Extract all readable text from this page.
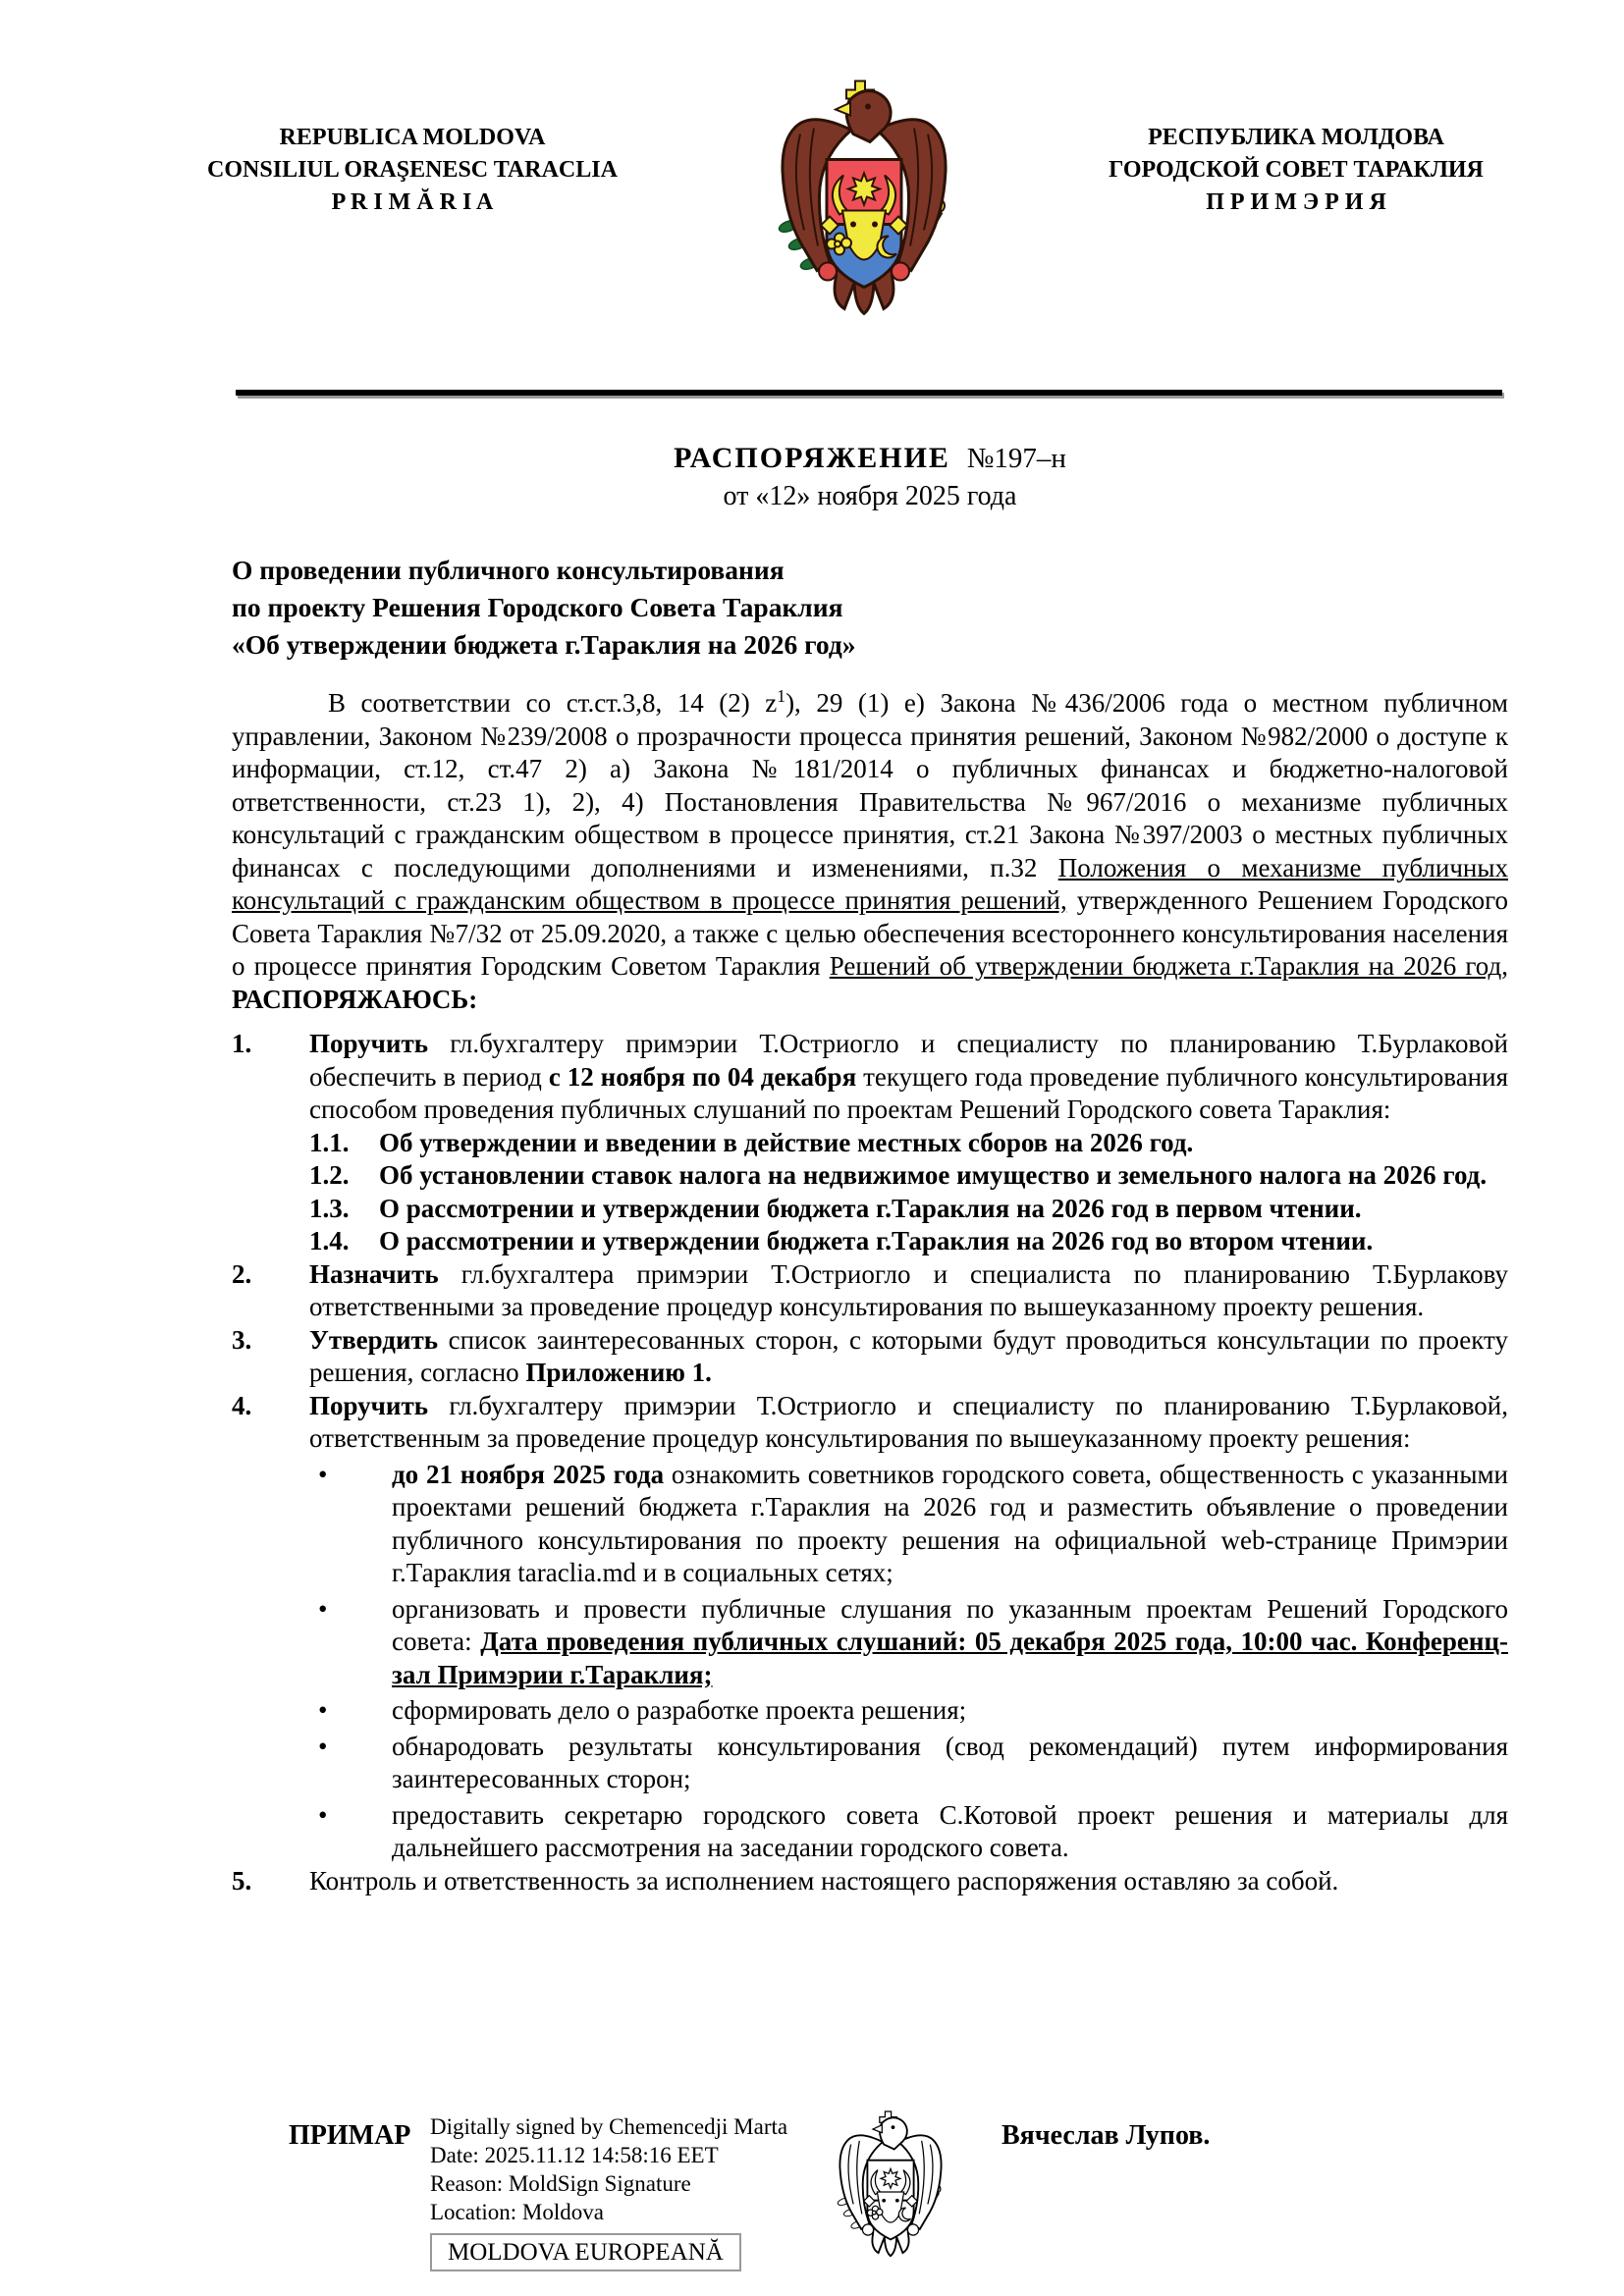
REPUBLICA MOLDOVA
CONSILIUL ORAŞENESC TARACLIA
P R I M Ă R I A
РЕСПУБЛИКА МОЛДОВА
ГОРОДСКОЙ СОВЕТ ТАРАКЛИЯ
П Р И М Э Р И Я
РАСПОРЯЖЕНИЕ №197–н
от «12» ноября 2025 года
О проведении публичного консультирования
по проекту Решения Городского Совета Тараклия
«Об утверждении бюджета г.Тараклия на 2026 год»
В соответствии со ст.ст.3,8, 14 (2) $z^1$), 29 (1) е) Закона №436/2006 года о местном публичном управлении, Законом №239/2008 о прозрачности процесса принятия решений, Законом №982/2000 о доступе к информации, ст.12, ст.47 2) а) Закона №181/2014 о публичных финансах и бюджетно-налоговой ответственности, ст.23 1), 2), 4) Постановления Правительства №967/2016 о механизме публичных консультаций с гражданским обществом в процессе принятия, ст.21 Закона №397/2003 о местных публичных финансах с последующими дополнениями и изменениями, п.32 Положения о механизме публичных консультаций с гражданским обществом в процессе принятия решений, утвержденного Решением Городского Совета Тараклия №7/32 от 25.09.2020, а также с целью обеспечения всестороннего консультирования населения о процессе принятия Городским Советом Тараклия Решений об утверждении бюджета г.Тараклия на 2026 год, РАСПОРЯЖАЮСЬ:
1. Поручить гл.бухгалтеру примэрии Т.Остриогло и специалисту по планированию Т.Бурлаковой обеспечить в период с 12 ноября по 04 декабря текущего года проведение публичного консультирования способом проведения публичных слушаний по проектам Решений Городского совета Тараклия:
1.1. Об утверждении и введении в действие местных сборов на 2026 год.
1.2. Об установлении ставок налога на недвижимое имущество и земельного налога на 2026 год.
1.3. О рассмотрении и утверждении бюджета г.Тараклия на 2026 год в первом чтении.
1.4. О рассмотрении и утверждении бюджета г.Тараклия на 2026 год во втором чтении.
2. Назначить гл.бухгалтера примэрии Т.Остриогло и специалиста по планированию Т.Бурлакову ответственными за проведение процедур консультирования по вышеуказанному проекту решения.
3. Утвердить список заинтересованных сторон, с которыми будут проводиться консультации по проекту решения, согласно Приложению 1.
4. Поручить гл.бухгалтеру примэрии Т.Остриогло и специалисту по планированию Т.Бурлаковой, ответственным за проведение процедур консультирования по вышеуказанному проекту решения:
• до 21 ноября 2025 года ознакомить советников городского совета, общественность с указанными проектами решений бюджета г.Тараклия на 2026 год и разместить объявление о проведении публичного консультирования по проекту решения на официальной web-странице Примэрии г.Тараклия taraclia.md и в социальных сетях;
• организовать и провести публичные слушания по указанным проектам Решений Городского совета: Дата проведения публичных слушаний: 05 декабря 2025 года, 10:00 час. Конференц-зал Примэрии г.Тараклия;
• сформировать дело о разработке проекта решения;
• обнародовать результаты консультирования (свод рекомендаций) путем информирования заинтересованных сторон;
• предоставить секретарю городского совета С.Котовой проект решения и материалы для дальнейшего рассмотрения на заседании городского совета.
5. Контроль и ответственность за исполнением настоящего распоряжения оставляю за собой.
ПРИМАР Digitally signed by Chemencedji Marta
Date: 2025.11.12 14:58:16 EET
Reason: MoldSign Signature
Location: Moldova
MOLDOVA EUROPEANĂ
Вячеслав Лупов.
